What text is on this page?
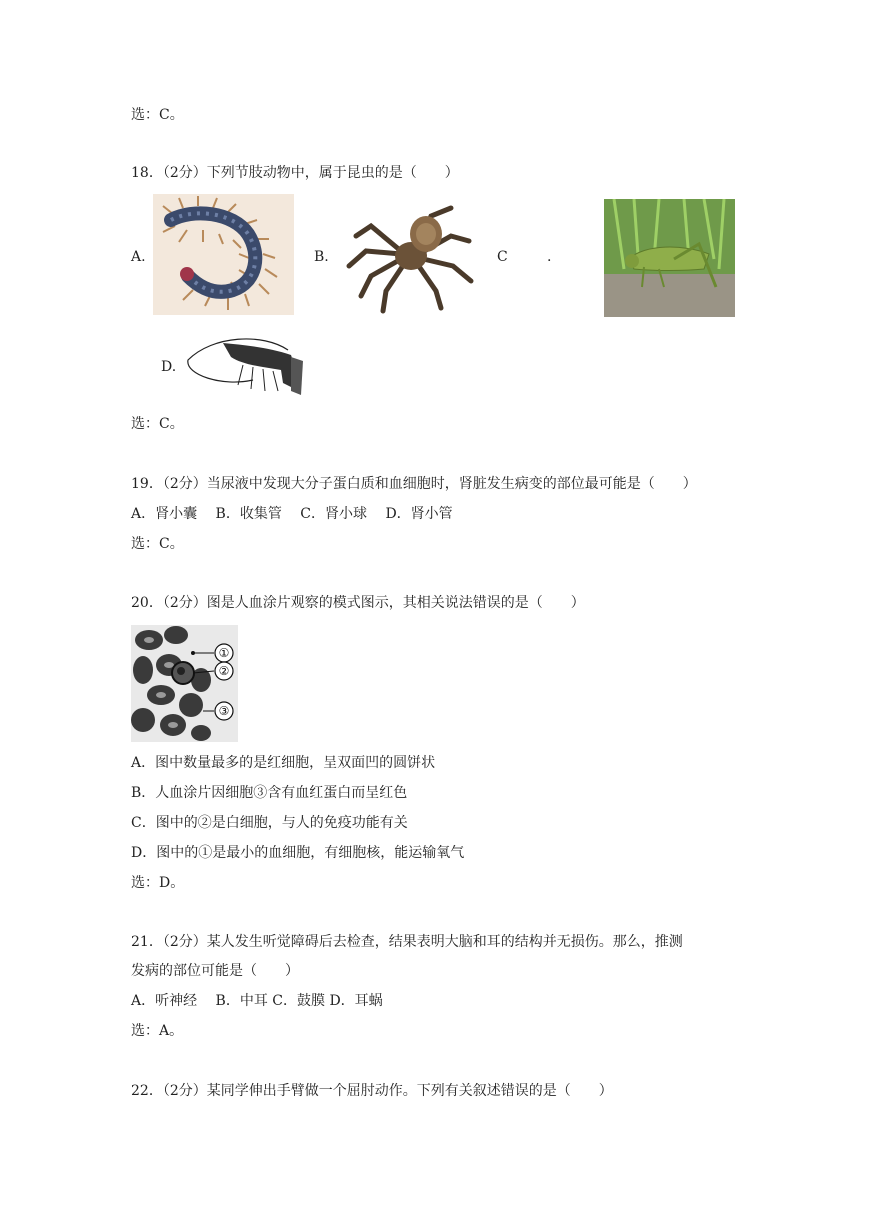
选：C。
18．（2分）下列节肢动物中，属于昆虫的是（　　）
A.	B.	C	.
D.
选：C。
19．（2分）当尿液中发现大分子蛋白质和血细胞时，肾脏发生病变的部位最可能是（　　）
A．肾小囊　 B．收集管　 C．肾小球　 D．肾小管
选：C。
20．（2分）图是人血涂片观察的模式图示，其相关说法错误的是（　　）
①
②
③
A．图中数量最多的是红细胞，呈双面凹的圆饼状
B．人血涂片因细胞③含有血红蛋白而呈红色
C．图中的②是白细胞，与人的免疫功能有关
D．图中的①是最小的血细胞，有细胞核，能运输氧气
选：D。
21．（2分）某人发生听觉障碍后去检查，结果表明大脑和耳的结构并无损伤。那么，推测
发病的部位可能是（　　）
A．听神经　 B．中耳 C．鼓膜 D．耳蜗
选：A。
22．（2分）某同学伸出手臂做一个屈肘动作。下列有关叙述错误的是（　　）
